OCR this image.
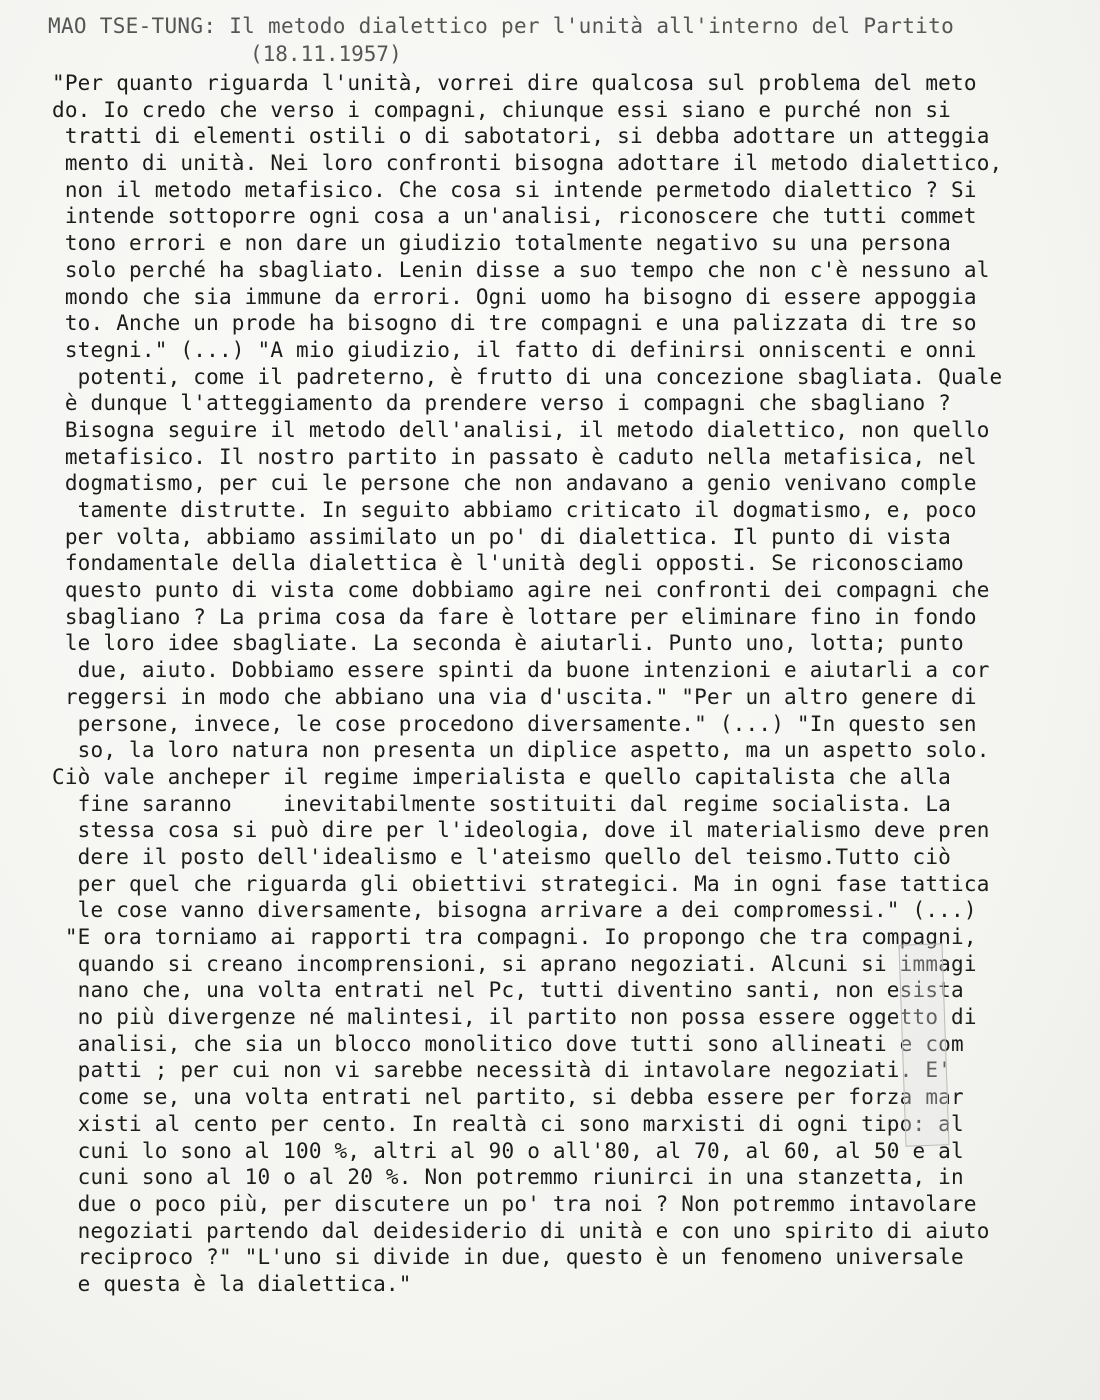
MAO TSE-TUNG: Il metodo dialettico per l'unità all'interno del Partito
(18.11.1957)
"Per quanto riguarda l'unità, vorrei dire qualcosa sul problema del meto
do. Io credo che verso i compagni, chiunque essi siano e purché non si
tratti di elementi ostili o di sabotatori, si debba adottare un atteggia
mento di unità. Nei loro confronti bisogna adottare il metodo dialettico,
non il metodo metafisico. Che cosa si intende permetodo dialettico ? Si
intende sottoporre ogni cosa a un'analisi, riconoscere che tutti commet
tono errori e non dare un giudizio totalmente negativo su una persona
solo perché ha sbagliato. Lenin disse a suo tempo che non c'è nessuno al
mondo che sia immune da errori. Ogni uomo ha bisogno di essere appoggia
to. Anche un prode ha bisogno di tre compagni e una palizzata di tre so
stegni." (...) "A mio giudizio, il fatto di definirsi onniscenti e onni
potenti, come il padreterno, è frutto di una concezione sbagliata. Quale
è dunque l'atteggiamento da prendere verso i compagni che sbagliano ?
Bisogna seguire il metodo dell'analisi, il metodo dialettico, non quello
metafisico. Il nostro partito in passato è caduto nella metafisica, nel
dogmatismo, per cui le persone che non andavano a genio venivano comple
tamente distrutte. In seguito abbiamo criticato il dogmatismo, e, poco
per volta, abbiamo assimilato un po' di dialettica. Il punto di vista
fondamentale della dialettica è l'unità degli opposti. Se riconosciamo
questo punto di vista come dobbiamo agire nei confronti dei compagni che
sbagliano ? La prima cosa da fare è lottare per eliminare fino in fondo
le loro idee sbagliate. La seconda è aiutarli. Punto uno, lotta; punto
due, aiuto. Dobbiamo essere spinti da buone intenzioni e aiutarli a cor
reggersi in modo che abbiano una via d'uscita." "Per un altro genere di
persone, invece, le cose procedono diversamente." (...) "In questo sen
so, la loro natura non presenta un diplice aspetto, ma un aspetto solo.
Ciò vale ancheper il regime imperialista e quello capitalista che alla
fine saranno    inevitabilmente sostituiti dal regime socialista. La
stessa cosa si può dire per l'ideologia, dove il materialismo deve pren
dere il posto dell'idealismo e l'ateismo quello del teismo.Tutto ciò
per quel che riguarda gli obiettivi strategici. Ma in ogni fase tattica
le cose vanno diversamente, bisogna arrivare a dei compromessi." (...)
"E ora torniamo ai rapporti tra compagni. Io propongo che tra compagni,
quando si creano incomprensioni, si aprano negoziati. Alcuni si immagi
nano che, una volta entrati nel Pc, tutti diventino santi, non esista
no più divergenze né malintesi, il partito non possa essere oggetto di
analisi, che sia un blocco monolitico dove tutti sono allineati e com
patti ; per cui non vi sarebbe necessità di intavolare negoziati. E'
come se, una volta entrati nel partito, si debba essere per forza mar
xisti al cento per cento. In realtà ci sono marxisti di ogni tipo: al
cuni lo sono al 100 %, altri al 90 o all'80, al 70, al 60, al 50 e al
cuni sono al 10 o al 20 %. Non potremmo riunirci in una stanzetta, in
due o poco più, per discutere un po' tra noi ? Non potremmo intavolare
negoziati partendo dal deidesiderio di unità e con uno spirito di aiuto
reciproco ?" "L'uno si divide in due, questo è un fenomeno universale
e questa è la dialettica."
